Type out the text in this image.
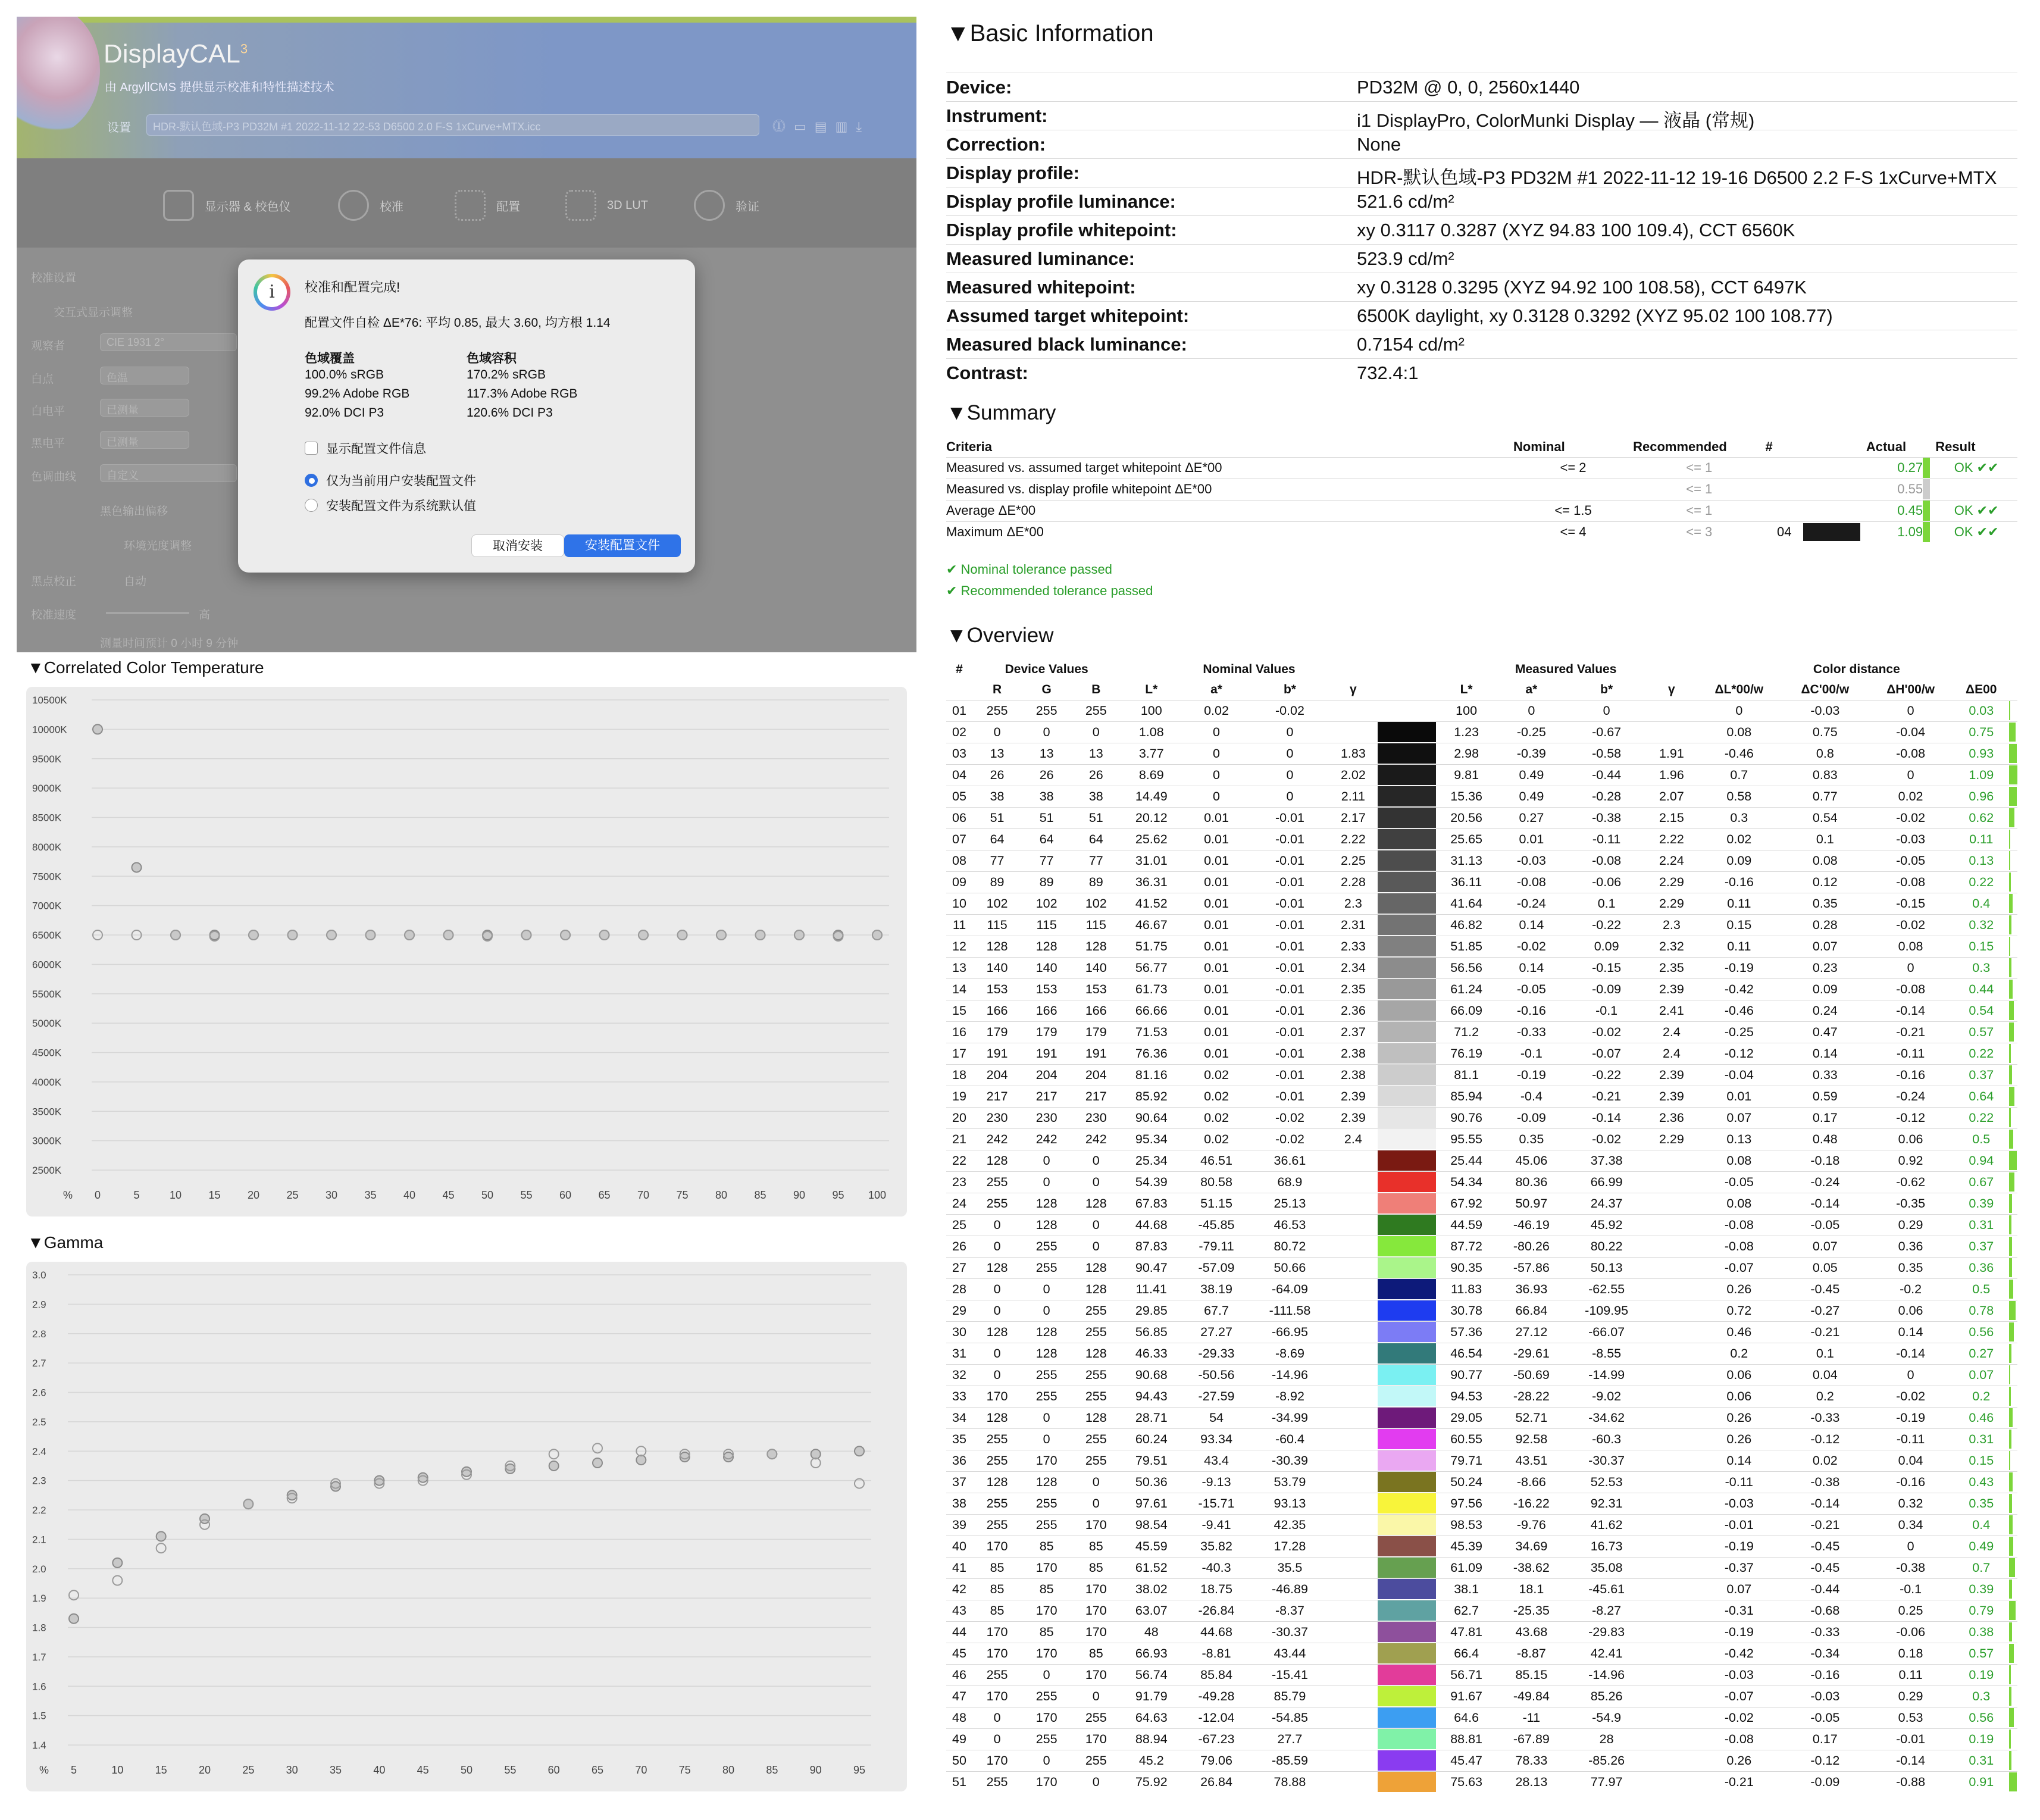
DisplayCAL$^3$
由 ArgyllCMS 提供显示校准和特性描述技术
设置	HDR-默认色域-P3 PD32M #1 2022-11-12 22-53 D6500 2.0 F-S 1xCurve+MTX.icc	⓵▭▤▥⤓
显示器 & 校色仪	校准	配置	3D LUT	验证
校准设置
交互式显示调整
观察者	CIE 1931 2°
白点	色温
白电平	已测量
黑电平	已测量
色调曲线	自定义
黑色输出偏移
环境光度调整
黑点校正	自动
校准速度	高
测量时间预计 0 小时 9 分钟
i	校准和配置完成!
配置文件自检 ΔE*76: 平均 0.85, 最大 3.60, 均方根 1.14
色域覆盖
100.0% sRGB
99.2% Adobe RGB
92.0% DCI P3
色域容积
170.2% sRGB
117.3% Adobe RGB
120.6% DCI P3
显示配置文件信息
仅为当前用户安装配置文件
安装配置文件为系统默认值
取消安装	安装配置文件
▼Correlated Color Temperature
10500K
10000K
9500K
9000K
8500K
8000K
7500K
7000K
6500K
6000K
5500K
5000K
4500K
4000K
3500K
3000K
2500K
% 0	5	10	15	20	25	30	35	40	45	50	55	60	65	70	75	80	85	90	95 100
▼Gamma
3.0
2.9
2.8
2.7
2.6
2.5
2.4
2.3
2.2
2.1
2.0
1.9
1.8
1.7
1.6
1.5
1.4
% 5	10	15	20	25	30	35	40	45	50	55	60	65	70	75	80	85	90	95
▼Basic Information
Device:	PD32M @ 0, 0, 2560x1440
Instrument:	i1 DisplayPro, ColorMunki Display — 液晶 (常规)
Correction:	None
Display profile:	HDR-默认色域-P3 PD32M #1 2022-11-12 19-16 D6500 2.2 F-S 1xCurve+MTX
Display profile luminance:	521.6 cd/m²
Display profile whitepoint:	xy 0.3117 0.3287 (XYZ 94.83 100 109.4), CCT 6560K
Measured luminance:	523.9 cd/m²
Measured whitepoint:	xy 0.3128 0.3295 (XYZ 94.92 100 108.58), CCT 6497K
Assumed target whitepoint:	6500K daylight, xy 0.3128 0.3292 (XYZ 95.02 100 108.77)
Measured black luminance:	0.7154 cd/m²
Contrast:	732.4:1
▼Summary
Criteria	Nominal	Recommended	#		Actual		Result
Measured vs. assumed target whitepoint ΔE*00	<= 2	<= 1			0.27		OK ✔✔
Measured vs. display profile whitepoint ΔE*00		<= 1			0.55		
Average ΔE*00	<= 1.5	<= 1			0.45		OK ✔✔
Maximum ΔE*00	<= 4	<= 3	04		1.09		OK ✔✔
✔ Nominal tolerance passed
✔ Recommended tolerance passed
▼Overview
#	Device Values			Nominal Values					Measured Values				Color distance				
	R	G	B	L*	a*	b*	γ		L*	a*	b*	γ	ΔL*00/w	ΔC'00/w	ΔH'00/w	ΔE00	
01	255	255	255	100	0.02	-0.02			100	0	0		0	-0.03	0	0.03	

02	0	0	0	1.08	0	0			1.23	-0.25	-0.67		0.08	0.75	-0.04	0.75	

03	13	13	13	3.77	0	0	1.83		2.98	-0.39	-0.58	1.91	-0.46	0.8	-0.08	0.93	

04	26	26	26	8.69	0	0	2.02		9.81	0.49	-0.44	1.96	0.7	0.83	0	1.09	

05	38	38	38	14.49	0	0	2.11		15.36	0.49	-0.28	2.07	0.58	0.77	0.02	0.96	

06	51	51	51	20.12	0.01	-0.01	2.17		20.56	0.27	-0.38	2.15	0.3	0.54	-0.02	0.62	

07	64	64	64	25.62	0.01	-0.01	2.22		25.65	0.01	-0.11	2.22	0.02	0.1	-0.03	0.11	

08	77	77	77	31.01	0.01	-0.01	2.25		31.13	-0.03	-0.08	2.24	0.09	0.08	-0.05	0.13	

09	89	89	89	36.31	0.01	-0.01	2.28		36.11	-0.08	-0.06	2.29	-0.16	0.12	-0.08	0.22	

10	102	102	102	41.52	0.01	-0.01	2.3		41.64	-0.24	0.1	2.29	0.11	0.35	-0.15	0.4	

11	115	115	115	46.67	0.01	-0.01	2.31		46.82	0.14	-0.22	2.3	0.15	0.28	-0.02	0.32	

12	128	128	128	51.75	0.01	-0.01	2.33		51.85	-0.02	0.09	2.32	0.11	0.07	0.08	0.15	

13	140	140	140	56.77	0.01	-0.01	2.34		56.56	0.14	-0.15	2.35	-0.19	0.23	0	0.3	

14	153	153	153	61.73	0.01	-0.01	2.35		61.24	-0.05	-0.09	2.39	-0.42	0.09	-0.08	0.44	

15	166	166	166	66.66	0.01	-0.01	2.36		66.09	-0.16	-0.1	2.41	-0.46	0.24	-0.14	0.54	

16	179	179	179	71.53	0.01	-0.01	2.37		71.2	-0.33	-0.02	2.4	-0.25	0.47	-0.21	0.57	

17	191	191	191	76.36	0.01	-0.01	2.38		76.19	-0.1	-0.07	2.4	-0.12	0.14	-0.11	0.22	

18	204	204	204	81.16	0.02	-0.01	2.38		81.1	-0.19	-0.22	2.39	-0.04	0.33	-0.16	0.37	

19	217	217	217	85.92	0.02	-0.01	2.39		85.94	-0.4	-0.21	2.39	0.01	0.59	-0.24	0.64	

20	230	230	230	90.64	0.02	-0.02	2.39		90.76	-0.09	-0.14	2.36	0.07	0.17	-0.12	0.22	

21	242	242	242	95.34	0.02	-0.02	2.4		95.55	0.35	-0.02	2.29	0.13	0.48	0.06	0.5	

22	128	0	0	25.34	46.51	36.61			25.44	45.06	37.38		0.08	-0.18	0.92	0.94	

23	255	0	0	54.39	80.58	68.9			54.34	80.36	66.99		-0.05	-0.24	-0.62	0.67	

24	255	128	128	67.83	51.15	25.13			67.92	50.97	24.37		0.08	-0.14	-0.35	0.39	

25	0	128	0	44.68	-45.85	46.53			44.59	-46.19	45.92		-0.08	-0.05	0.29	0.31	

26	0	255	0	87.83	-79.11	80.72			87.72	-80.26	80.22		-0.08	0.07	0.36	0.37	

27	128	255	128	90.47	-57.09	50.66			90.35	-57.86	50.13		-0.07	0.05	0.35	0.36	

28	0	0	128	11.41	38.19	-64.09			11.83	36.93	-62.55		0.26	-0.45	-0.2	0.5	

29	0	0	255	29.85	67.7	-111.58			30.78	66.84	-109.95		0.72	-0.27	0.06	0.78	

30	128	128	255	56.85	27.27	-66.95			57.36	27.12	-66.07		0.46	-0.21	0.14	0.56	

31	0	128	128	46.33	-29.33	-8.69			46.54	-29.61	-8.55		0.2	0.1	-0.14	0.27	

32	0	255	255	90.68	-50.56	-14.96			90.77	-50.69	-14.99		0.06	0.04	0	0.07	

33	170	255	255	94.43	-27.59	-8.92			94.53	-28.22	-9.02		0.06	0.2	-0.02	0.2	

34	128	0	128	28.71	54	-34.99			29.05	52.71	-34.62		0.26	-0.33	-0.19	0.46	

35	255	0	255	60.24	93.34	-60.4			60.55	92.58	-60.3		0.26	-0.12	-0.11	0.31	

36	255	170	255	79.51	43.4	-30.39			79.71	43.51	-30.37		0.14	0.02	0.04	0.15	

37	128	128	0	50.36	-9.13	53.79			50.24	-8.66	52.53		-0.11	-0.38	-0.16	0.43	

38	255	255	0	97.61	-15.71	93.13			97.56	-16.22	92.31		-0.03	-0.14	0.32	0.35	

39	255	255	170	98.54	-9.41	42.35			98.53	-9.76	41.62		-0.01	-0.21	0.34	0.4	

40	170	85	85	45.59	35.82	17.28			45.39	34.69	16.73		-0.19	-0.45	0	0.49	

41	85	170	85	61.52	-40.3	35.5			61.09	-38.62	35.08		-0.37	-0.45	-0.38	0.7	

42	85	85	170	38.02	18.75	-46.89			38.1	18.1	-45.61		0.07	-0.44	-0.1	0.39	

43	85	170	170	63.07	-26.84	-8.37			62.7	-25.35	-8.27		-0.31	-0.68	0.25	0.79	

44	170	85	170	48	44.68	-30.37			47.81	43.68	-29.83		-0.19	-0.33	-0.06	0.38	

45	170	170	85	66.93	-8.81	43.44			66.4	-8.87	42.41		-0.42	-0.34	0.18	0.57	

46	255	0	170	56.74	85.84	-15.41			56.71	85.15	-14.96		-0.03	-0.16	0.11	0.19	

47	170	255	0	91.79	-49.28	85.79			91.67	-49.84	85.26		-0.07	-0.03	0.29	0.3	

48	0	170	255	64.63	-12.04	-54.85			64.6	-11	-54.9		-0.02	-0.05	0.53	0.56	

49	0	255	170	88.94	-67.23	27.7			88.81	-67.89	28		-0.08	0.17	-0.01	0.19	

50	170	0	255	45.2	79.06	-85.59			45.47	78.33	-85.26		0.26	-0.12	-0.14	0.31	

51	255	170	0	75.92	26.84	78.88			75.63	28.13	77.97		-0.21	-0.09	-0.88	0.91	
